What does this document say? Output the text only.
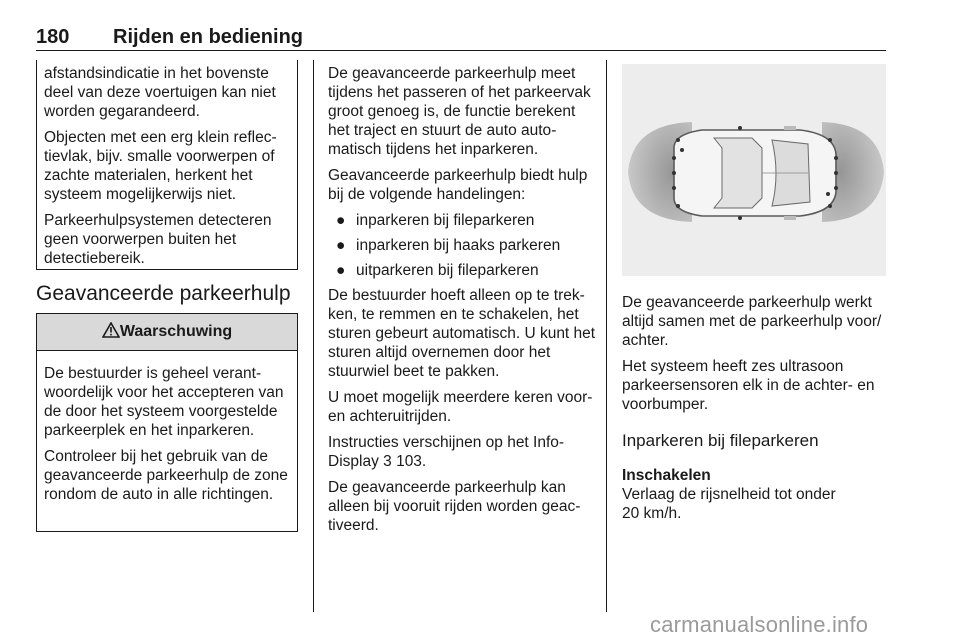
180 Rijden en bediening

afstandsindicatie in het bovenste deel van deze voertuigen kan niet worden gegarandeerd.

Objecten met een erg klein reflectievlak, bijv. smalle voorwerpen of zachte materialen, herkent het systeem mogelijkerwijs niet.

Parkeerhulpsystemen detecteren geen voorwerpen buiten het detectiebereik.

Geavanceerde parkeerhulp
Waarschuwing

De bestuurder is geheel verantwoordelijk voor het accepteren van de door het systeem voorgestelde parkeerplek en het inparkeren.

Controleer bij het gebruik van de geavanceerde parkeerhulp de zone rondom de auto in alle richtingen.

De geavanceerde parkeerhulp meet tijdens het passeren of het parkeervak groot genoeg is, de functie berekent het traject en stuurt de auto automatisch tijdens het inparkeren.

Geavanceerde parkeerhulp biedt hulp bij de volgende handelingen:

● inparkeren bij fileparkeren
● inparkeren bij haaks parkeren
● uitparkeren bij fileparkeren

De bestuurder hoeft alleen op te trekken, te remmen en te schakelen, het sturen gebeurt automatisch. U kunt het sturen altijd overnemen door het stuurwiel beet te pakken.

U moet mogelijk meerdere keren voor- en achteruitrijden.

Instructies verschijnen op het Info-Display 3 103.

De geavanceerde parkeerhulp kan alleen bij vooruit rijden worden geactiveerd.

De geavanceerde parkeerhulp werkt altijd samen met de parkeerhulp voor/ achter.

Het systeem heeft zes ultrasoon parkeersensoren elk in de achter- en voorbumper.

Inparkeren bij fileparkeren
Inschakelen

Verlaag de rijsnelheid tot onder 20 km/h.

carmanualsonline.info
